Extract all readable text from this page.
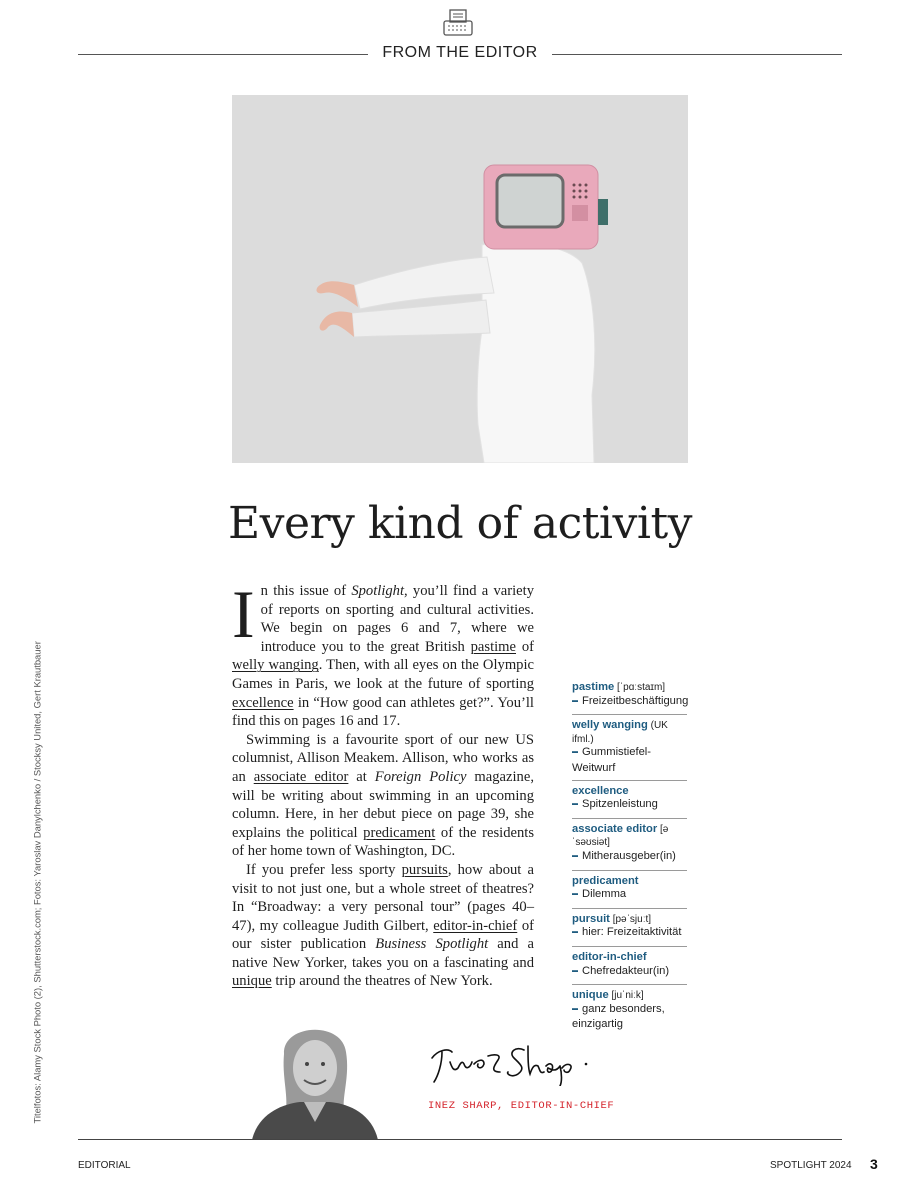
FROM THE EDITOR
Every kind of activity
I n this issue of Spotlight, you’ll find a variety of reports on sporting and cultural activities. We begin on pages 6 and 7, where we introduce you to the great British pastime of welly wanging. Then, with all eyes on the Olympic Games in Paris, we look at the future of sporting excellence in “How good can athletes get?”. You’ll find this on pages 16 and 17.

Swimming is a favourite sport of our new US columnist, Allison Meakem. Allison, who works as an associate editor at Foreign Policy magazine, will be writing about swimming in an upcoming column. Here, in her debut piece on page 39, she explains the political predicament of the residents of her home town of Washington, DC.

If you prefer less sporty pursuits, how about a visit to not just one, but a whole street of theatres? In “Broadway: a very personal tour” (pages 40–47), my colleague Judith Gilbert, editor-in-chief of our sister publication Business Spotlight and a native New Yorker, takes you on a fascinating and unique trip around the theatres of New York.

pastime [ˈpɑːstaɪm]
▬ Freizeitbeschäftigung
welly wanging (UK ifml.)
▬ Gummistiefel-Weitwurf
excellence
▬ Spitzenleistung
associate editor [əˈsəʊsiət]
▬ Mitherausgeber(in)
predicament
▬ Dilemma
pursuit [pəˈsjuːt]
▬ hier: Freizeitaktivität
editor-in-chief
▬ Chefredakteur(in)
unique [juˈniːk]
▬ ganz besonders, einzigartig
Titelfotos: Alamy Stock Photo (2), Shutterstock.com; Fotos: Yaroslav Danylchenko / Stocksy United, Gert Krautbauer	INEZ SHARP, EDITOR-IN-CHIEF
EDITORIAL	SPOTLIGHT 2024 3
